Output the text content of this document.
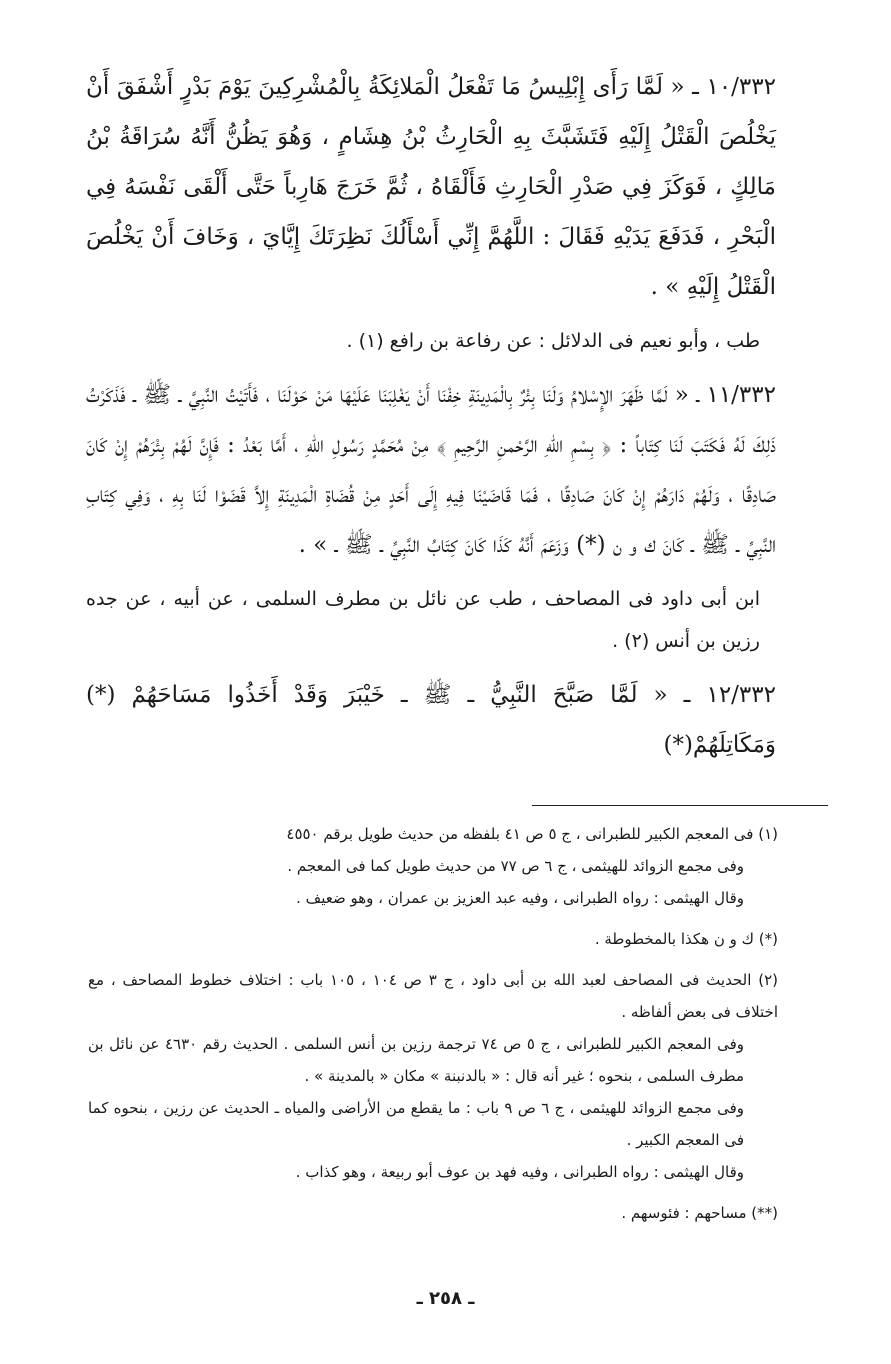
١٠/٣٣٢ ـ « لَمَّا رَأَى إِبْلِيسُ مَا تَفْعَلُ الْمَلائِكَةُ بِالْمُشْرِكِينَ يَوْمَ بَدْرٍ أَشْفَقَ أَنْ يَخْلُصَ الْقَتْلُ إِلَيْهِ فَتَشَبَّثَ بِهِ الْحَارِثُ بْنُ هِشَامٍ ، وَهُوَ يَظُنُّ أَنَّهُ سُرَاقَةُ بْنُ مَالِكٍ ، فَوَكَزَ فِي صَدْرِ الْحَارِثِ فَأَلْقَاهُ ، ثُمَّ خَرَجَ هَارِباً حَتَّى أَلْقَى نَفْسَهُ فِي الْبَحْرِ ، فَدَفَعَ يَدَيْهِ فَقَالَ : اللَّهُمَّ إِنِّي أَسْأَلُكَ نَظِرَتَكَ إِيَّايَ ، وَخَافَ أَنْ يَخْلُصَ الْقَتْلُ إِلَيْهِ » .

طب ، وأبو نعيم فى الدلائل : عن رفاعة بن رافع (١) .

١١/٣٣٢ ـ « لَمَّا ظَهَرَ الإِسْلامُ وَلَنَا بِئْرٌ بِالْمَدِينَةِ خِفْنَا أَنْ يَغْلِبَنَا عَلَيْهَا مَنْ حَوْلَنَا ، فَأَتَيْتُ النَّبِيَّ ـ ﷺ ـ فَذَكَرْتُ ذَلِكَ لَهُ فَكَتَبَ لَنَا كِتَاباً : ﴿ بِسْمِ اللهِ الرَّحْمنِ الرَّحِيمِ ﴾ مِنْ مُحَمَّدٍ رَسُولِ اللهِ ، أَمَّا بَعْدُ : فَإِنَّ لَهُمْ بِئْرَهُمْ إِنْ كَانَ صَادِقًا ، وَلَهُمْ دَارَهُمْ إِنْ كَانَ صَادِقًا ، فَمَا قَاضَيْنَا فِيهِ إِلَى أَحَدٍ مِنْ قُضَاةِ الْمَدِينَةِ إِلاَّ قَضَوْا لَنَا بِهِ ، وَفِي كِتَابِ النَّبِيِّ ـ ﷺ ـ كَانَ ك و ن (*) وَزَعَمَ أَنَّهُ كَذَا كَانَ كِتَابُ النَّبِيِّ ـ ﷺ ـ » .

ابن أبى داود فى المصاحف ، طب عن نائل بن مطرف السلمى ، عن أبيه ، عن جده رزين بن أنس (٢) .

١٢/٣٣٢ ـ « لَمَّا صَبَّحَ النَّبِيُّ ـ ﷺ ـ خَيْبَرَ وَقَدْ أَخَذُوا مَسَاحَهُمْ (*) وَمَكَاتِلَهُمْ(*)

(١) فى المعجم الكبير للطبرانى ، ج ٥ ص ٤١ بلفظه من حديث طويل برقم ٤٥٥٠
وفى مجمع الزوائد للهيثمى ، ج ٦ ص ٧٧ من حديث طويل كما فى المعجم .
وقال الهيثمى : رواه الطبرانى ، وفيه عبد العزيز بن عمران ، وهو ضعيف .
(*) ك و ن هكذا بالمخطوطة .
(٢) الحديث فى المصاحف لعبد الله بن أبى داود ، ج ٣ ص ١٠٤ ، ١٠٥ باب : اختلاف خطوط المصاحف ، مع اختلاف فى بعض ألفاظه .
وفى المعجم الكبير للطبرانى ، ج ٥ ص ٧٤ ترجمة رزين بن أنس السلمى . الحديث رقم ٤٦٣٠ عن نائل بن مطرف السلمى ، بنحوه ؛ غير أنه قال : « بالدنبنة » مكان « بالمدينة » .
وفى مجمع الزوائد للهيثمى ، ج ٦ ص ٩ باب : ما يقطع من الأراضى والمياه ـ الحديث عن رزين ، بنحوه كما فى المعجم الكبير .
وقال الهيثمى : رواه الطبرانى ، وفيه فهد بن عوف أبو ربيعة ، وهو كذاب .
(**) مساحهم : فئوسهم .
ـ ٢٥٨ ـ
